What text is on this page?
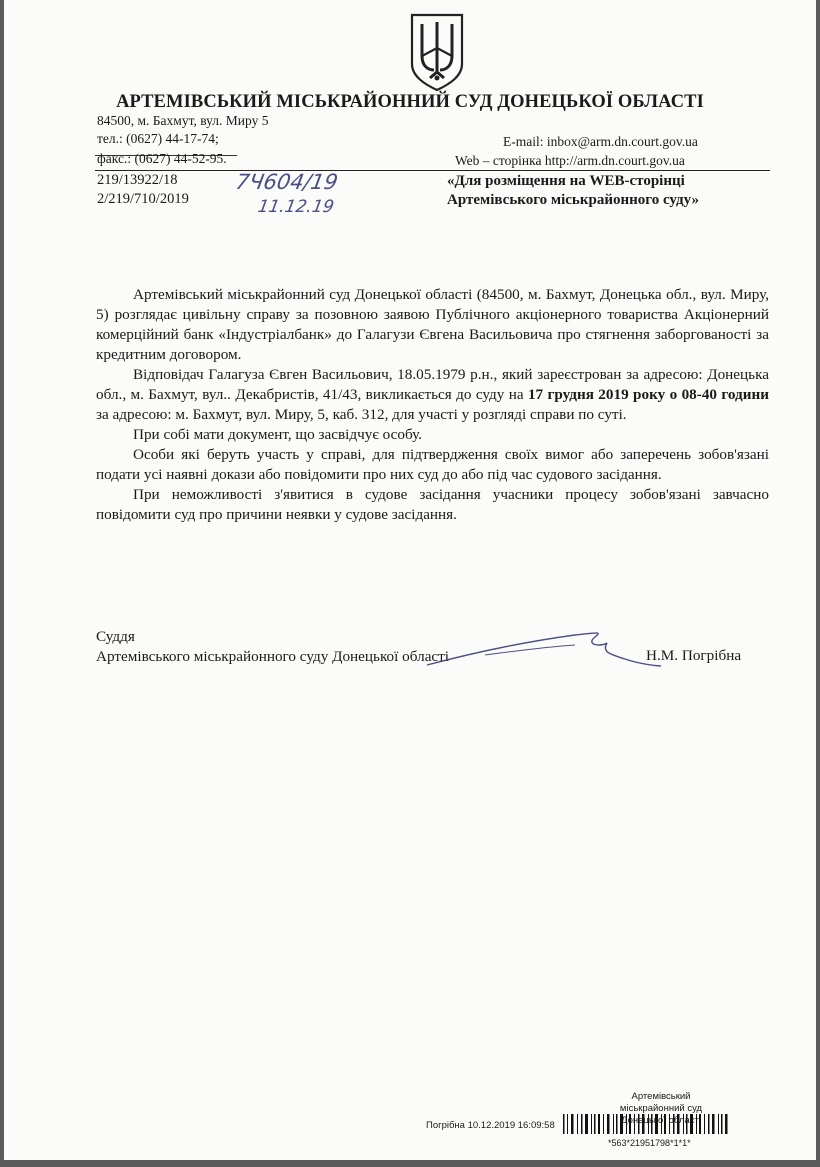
АРТЕМІВСЬКИЙ МІСЬКРАЙОННИЙ СУД ДОНЕЦЬКОЇ ОБЛАСТІ
84500, м. Бахмут, вул. Миру 5
тел.: (0627) 44-17-74;
факс.: (0627) 44-52-95.
E-mail: inbox@arm.dn.court.gov.ua
Web – сторінка http://arm.dn.court.gov.ua
219/13922/18
2/219/710/2019
7Ч604/19
11.12.19
«Для розміщення на WEB-сторінці
Артемівського міськрайонного суду»

Артемівський міськрайонний суд Донецької області (84500, м. Бахмут, Донецька обл., вул. Миру, 5) розглядає цивільну справу за позовною заявою Публічного акціонерного товариства Акціонерний комерційний банк «Індустріалбанк» до Галагузи Євгена Васильовича про стягнення заборгованості за кредитним договором.

Відповідач Галагуза Євген Васильович, 18.05.1979 р.н., який зареєстрован за адресою: Донецька обл., м. Бахмут, вул.. Декабристів, 41/43, викликається до суду на 17 грудня 2019 року о 08-40 години за адресою: м. Бахмут, вул. Миру, 5, каб. 312, для участі у розгляді справи по суті.

При собі мати документ, що засвідчує особу.

Особи які беруть участь у справі, для підтвердження своїх вимог або заперечень зобов'язані подати усі наявні докази або повідомити про них суд до або під час судового засідання.

При неможливості з'явитися в судове засідання учасники процесу зобов'язані завчасно повідомити суд про причини неявки у судове засідання.

Суддя
Артемівського міськрайонного суду Донецької області	Н.М. Погрібна
Артемівський міськрайонний суд
області
Погрібна 10.12.2019 16:09:58
*563*21951798*1*1*
